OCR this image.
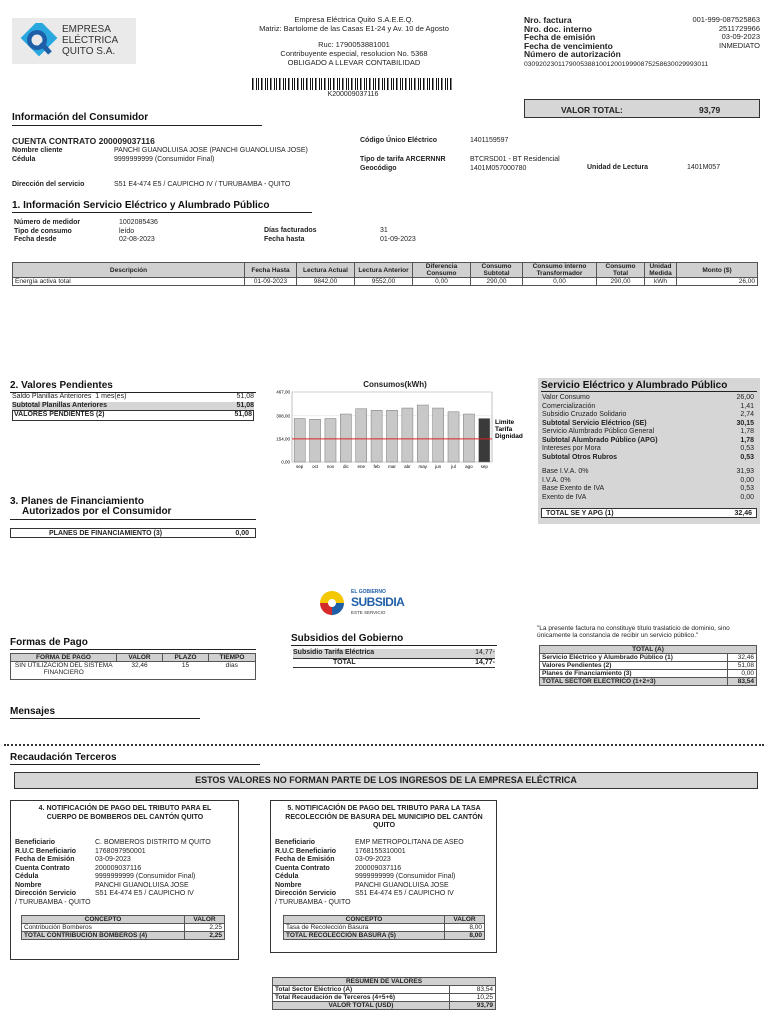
EMPRESA
ELÉCTRICA
QUITO S.A.
Empresa Eléctrica Quito S.A.E.E.Q.
Matriz: Bartolome de las Casas E1-24 y Av. 10 de Agosto
Ruc: 1790053881001
Contribuyente especial, resolucion No. 5368
OBLIGADO A LLEVAR CONTABILIDAD
K200009037116
Nro. factura	001-999-087525863
Nro. doc. interno	2511729966
Fecha de emisión	03-09-2023
Fecha de vencimiento	INMEDIATO
Número de autorización
0309202301179005388100120019990875258630029993011
VALOR TOTAL:	93,79
Información del Consumidor
CUENTA CONTRATO 200009037116
Nombre cliente	PANCHI GUANOLUISA JOSE (PANCHI GUANOLUISA JOSE)
Cédula	9999999999 (Consumidor Final)
Dirección del servicio	S51 E4-474 E5 / CAUPICHO IV / TURUBAMBA - QUITO
Código Único Eléctrico	1401159597
Tipo de tarifa ARCERNNR	BTCRSD01 - BT Residencial
Geocódigo	1401M057000780	Unidad de Lectura	1401M057
1. Información Servicio Eléctrico y Alumbrado Público
Número de medidor	1002085436
Tipo de consumo	leído
Fecha desde	02-08-2023
Días facturados	31
Fecha hasta	01-09-2023
Descripción	Fecha Hasta	Lectura Actual	Lectura Anterior	Diferencia Consumo	Consumo Subtotal	Consumo interno Transformador	Consumo Total	Unidad Medida	Monto ($)
Energía activa total	01-09-2023	9842,00	9552,00	0,00	290,00	0,00	290,00	kWh	26,00
2. Valores Pendientes
Saldo Planillas Anteriores 1 mes(es)	51,08
Subtotal Planillas Anteriores	51,08
VALORES PENDIENTES (2)	51,08
3. Planes de Financiamiento
Autorizados por el Consumidor
PLANES DE FINANCIAMIENTO (3)	0,00
Consumos(kWh)
0,00
154,00
308,00
467,00
sep oct nov dic ene feb mar abr may jun jul ago sep
Limite
Tarifa
Dignidad
Servicio Eléctrico y Alumbrado Público
Valor Consumo	26,00
Comercialización	1,41
Subsidio Cruzado Solidario	2,74
Subtotal Servicio Eléctrico (SE)	30,15
Servicio Alumbrado Público General	1,78
Subtotal Alumbrado Público (APG)	1,78
Intereses por Mora	0,53
Subtotal Otros Rubros	0,53
Base I.V.A. 0%	31,93
I.V.A. 0%	0,00
Base Exento de IVA	0,53
Exento de IVA	0,00
TOTAL SE Y APG (1)	32,46
EL GOBIERNO
SUBSIDIA
ESTE SERVICIO
Formas de Pago
FORMA DE PAGO	VALOR	PLAZO	TIEMPO
SIN UTILIZACION DEL SISTEMA FINANCIERO	32,46	15	días
Subsidios del Gobierno
Subsidio Tarifa Eléctrica	14,77-
TOTAL	14,77-
"La presente factura no constituye título traslaticio de dominio, sino únicamente la constancia de recibir un servicio público."
TOTAL (A)	
Servicio Eléctrico y Alumbrado Público (1)	32,46
Valores Pendientes (2)	51,08
Planes de Financiamiento (3)	0,00
TOTAL SECTOR ELECTRICO (1+2+3)	83,54
Mensajes
Recaudación Terceros
ESTOS VALORES NO FORMAN PARTE DE LOS INGRESOS DE LA EMPRESA ELÉCTRICA
4. NOTIFICACIÓN DE PAGO DEL TRIBUTO PARA EL CUERPO DE BOMBEROS DEL CANTÓN QUITO
Beneficiario	C. BOMBEROS DISTRITO M QUITO
R.U.C Beneficiario	1768097950001
Fecha de Emisión	03-09-2023
Cuenta Contrato	200009037116
Cédula	9999999999 (Consumidor Final)
Nombre	PANCHI GUANOLUISA JOSE
Dirección Servicio	S51 E4-474 E5 / CAUPICHO IV
/ TURUBAMBA - QUITO
CONCEPTO	VALOR
Contribución Bomberos	2,25
TOTAL CONTRIBUCIÓN BOMBEROS (4)	2,25
5. NOTIFICACIÓN DE PAGO DEL TRIBUTO PARA LA TASA RECOLECCIÓN DE BASURA DEL MUNICIPIO DEL CANTÓN QUITO
Beneficiario	EMP METROPOLITANA DE ASEO
R.U.C Beneficiario	1768155310001
Fecha de Emisión	03-09-2023
Cuenta Contrato	200009037116
Cédula	9999999999 (Consumidor Final)
Nombre	PANCHI GUANOLUISA JOSE
Dirección Servicio	S51 E4-474 E5 / CAUPICHO IV
/ TURUBAMBA - QUITO
CONCEPTO	VALOR
Tasa de Recolección Basura	8,00
TOTAL RECOLECCIÓN BASURA (5)	8,00
RESUMEN DE VALORES	
Total Sector Eléctrico (A)	83,54
Total Recaudación de Terceros (4+5+6)	10,25
VALOR TOTAL (USD)	93,79
